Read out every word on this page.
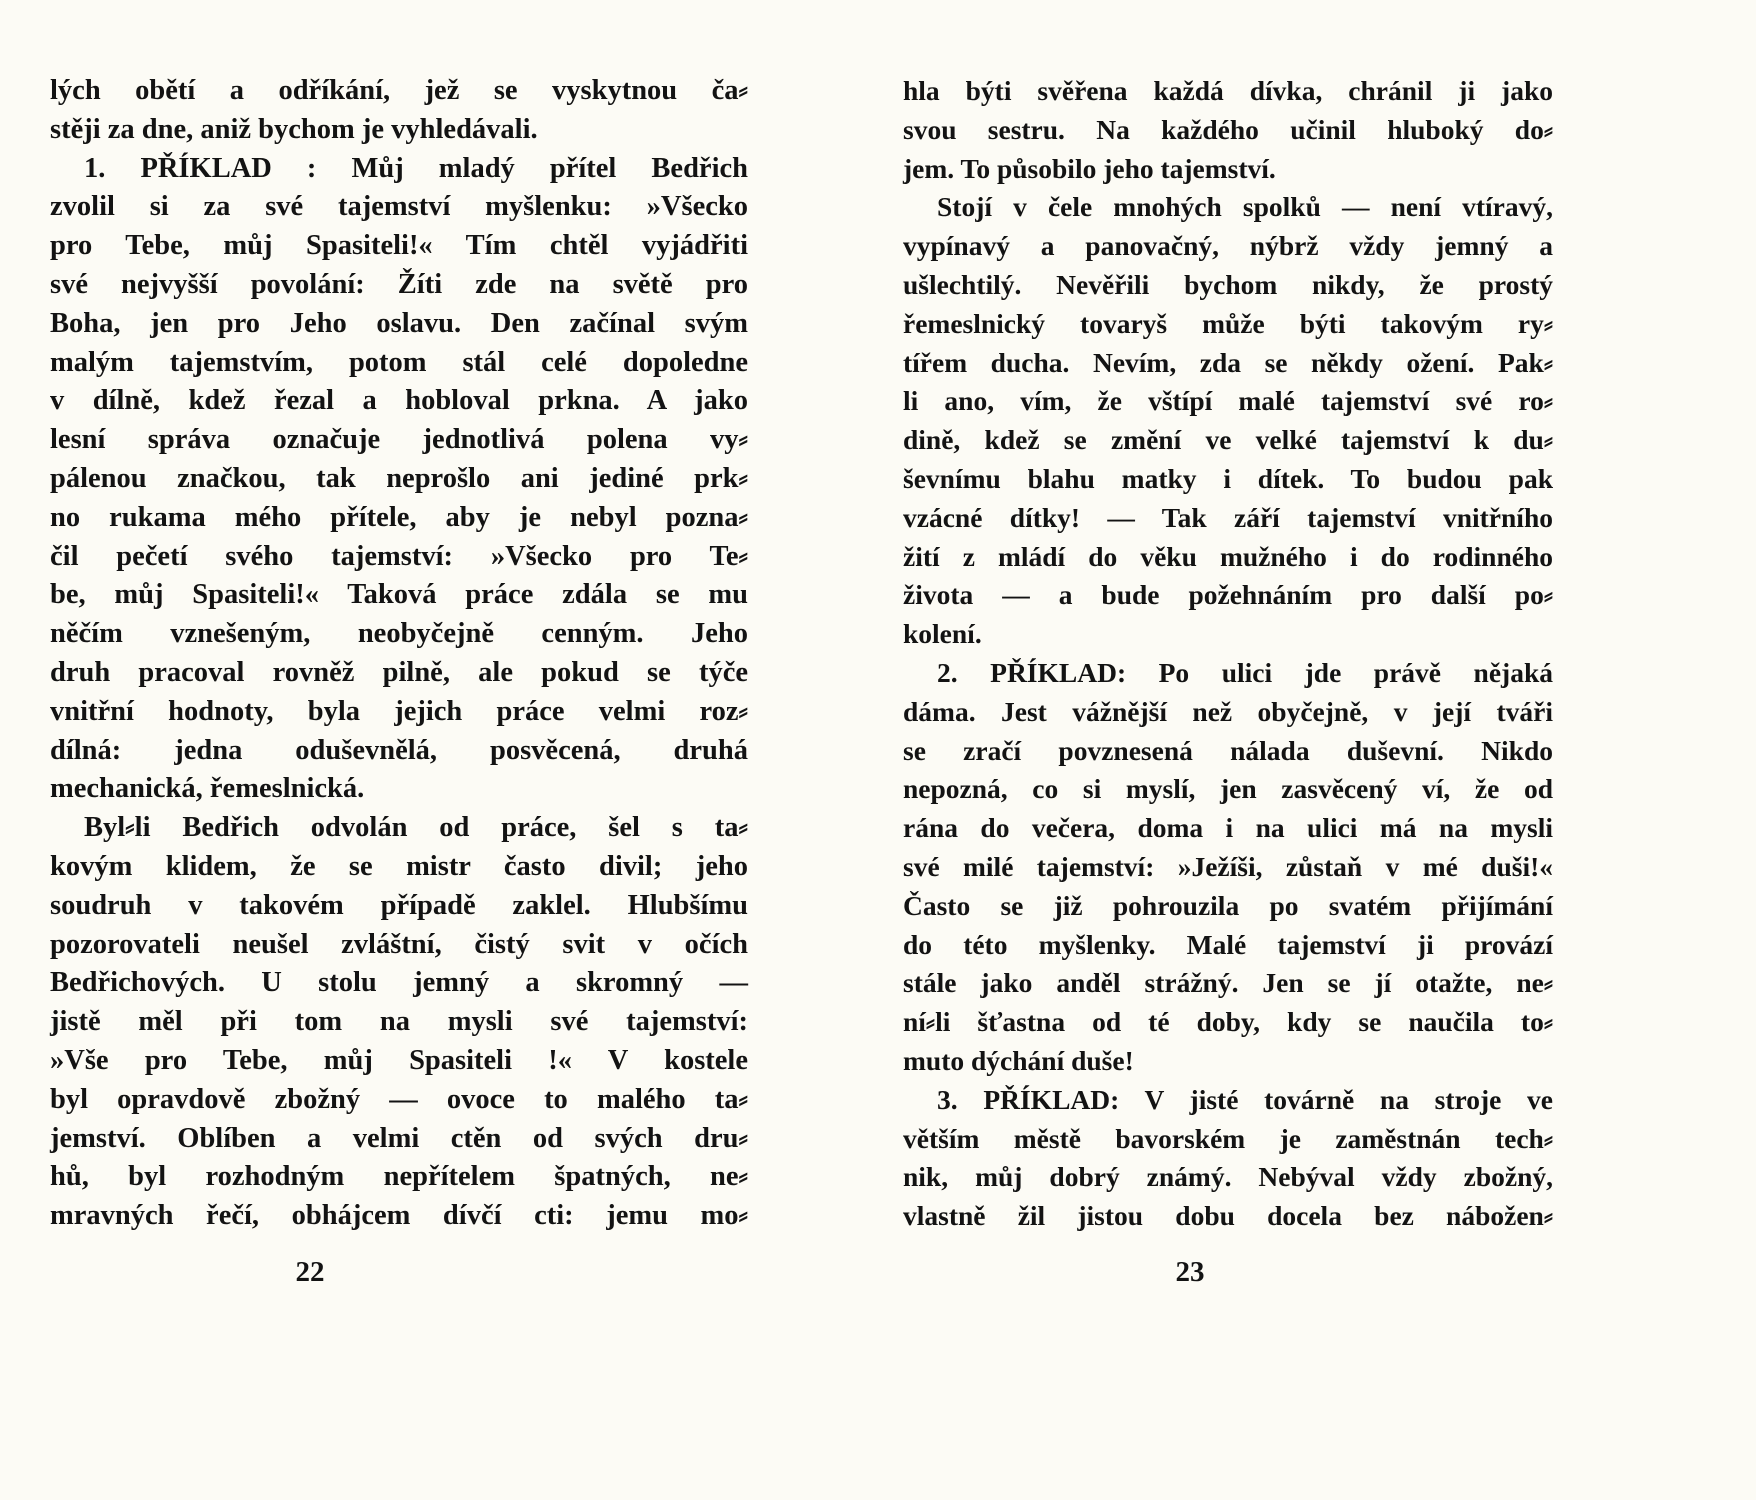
lých obětí a odříkání, jež se vyskytnou ča⸗
stěji za dne, aniž bychom je vyhledávali.
1. PŘÍKLAD : Můj mladý přítel Bedřich
zvolil si za své tajemství myšlenku: »Všecko
pro Tebe, můj Spasiteli!« Tím chtěl vyjádřiti
své nejvyšší povolání: Žíti zde na světě pro
Boha, jen pro Jeho oslavu. Den začínal svým
malým tajemstvím, potom stál celé dopoledne
v dílně, kdež řezal a hobloval prkna. A jako
lesní správa označuje jednotlivá polena vy⸗
pálenou značkou, tak neprošlo ani jediné prk⸗
no rukama mého přítele, aby je nebyl pozna⸗
čil pečetí svého tajemství: »Všecko pro Te⸗
be, můj Spasiteli!« Taková práce zdála se mu
něčím vznešeným, neobyčejně cenným. Jeho
druh pracoval rovněž pilně, ale pokud se týče
vnitřní hodnoty, byla jejich práce velmi roz⸗
dílná: jedna oduševnělá, posvěcená, druhá
mechanická, řemeslnická.
Byl⸗li Bedřich odvolán od práce, šel s ta⸗
kovým klidem, že se mistr často divil; jeho
soudruh v takovém případě zaklel. Hlubšímu
pozorovateli neušel zvláštní, čistý svit v očích
Bedřichových. U stolu jemný a skromný —
jistě měl při tom na mysli své tajemství:
»Vše pro Tebe, můj Spasiteli !« V kostele
byl opravdově zbožný — ovoce to malého ta⸗
jemství. Oblíben a velmi ctěn od svých dru⸗
hů, byl rozhodným nepřítelem špatných, ne⸗
mravných řečí, obhájcem dívčí cti: jemu mo⸗
22
hla býti svěřena každá dívka, chránil ji jako
svou sestru. Na každého učinil hluboký do⸗
jem. To působilo jeho tajemství.
Stojí v čele mnohých spolků — není vtíravý,
vypínavý a panovačný, nýbrž vždy jemný a
ušlechtilý. Nevěřili bychom nikdy, že prostý
řemeslnický tovaryš může býti takovým ry⸗
tířem ducha. Nevím, zda se někdy ožení. Pak⸗
li ano, vím, že vštípí malé tajemství své ro⸗
dině, kdež se změní ve velké tajemství k du⸗
ševnímu blahu matky i dítek. To budou pak
vzácné dítky! — Tak září tajemství vnitřního
žití z mládí do věku mužného i do rodinného
života — a bude požehnáním pro další po⸗
kolení.
2. PŘÍKLAD: Po ulici jde právě nějaká
dáma. Jest vážnější než obyčejně, v její tváři
se zračí povznesená nálada duševní. Nikdo
nepozná, co si myslí, jen zasvěcený ví, že od
rána do večera, doma i na ulici má na mysli
své milé tajemství: »Ježíši, zůstaň v mé duši!«
Často se již pohrouzila po svatém přijímání
do této myšlenky. Malé tajemství ji provází
stále jako anděl strážný. Jen se jí otažte, ne⸗
ní⸗li šťastna od té doby, kdy se naučila to⸗
muto dýchání duše!
3. PŘÍKLAD: V jisté továrně na stroje ve
větším městě bavorském je zaměstnán tech⸗
nik, můj dobrý známý. Nebýval vždy zbožný,
vlastně žil jistou dobu docela bez nábožen⸗
23
